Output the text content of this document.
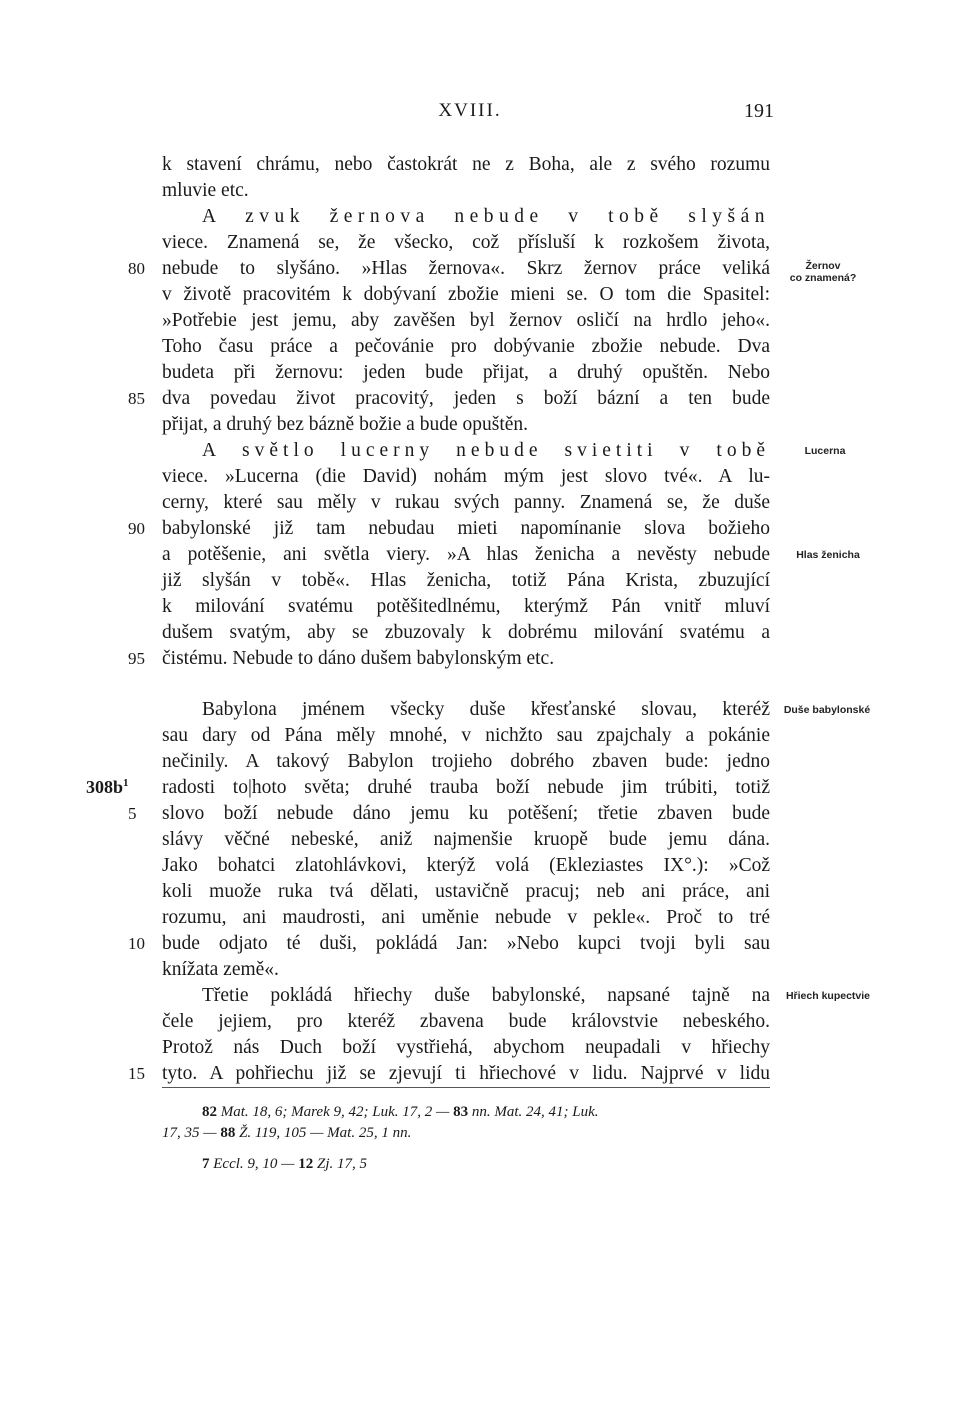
XVIII.	191
k stavení chrámu, nebo častokrát ne z Boha, ale z svého rozumu
mluvie etc.
A zvuk žernova nebude v tobě slyšán
viece. Znamená se, že všecko, což přísluší k rozkošem života,
nebude to slyšáno. »Hlas žernova«. Skrz žernov práce veliká
v životě pracovitém k dobývaní zbožie mieni se. O tom die Spasitel:
»Potřebie jest jemu, aby zavěšen byl žernov osličí na hrdlo jeho«.
Toho času práce a pečovánie pro dobývanie zbožie nebude. Dva
budeta při žernovu: jeden bude přijat, a druhý opuštěn. Nebo
dva povedau život pracovitý, jeden s boží bázní a ten bude
přijat, a druhý bez bázně božie a bude opuštěn.
A světlo lucerny nebude svietiti v tobě
viece. »Lucerna (die David) nohám mým jest slovo tvé«. A lu-
cerny, které sau měly v rukau svých panny. Znamená se, že duše
babylonské již tam nebudau mieti napomínanie slova božieho
a potěšenie, ani světla viery. »A hlas ženicha a nevěsty nebude
již slyšán v tobě«. Hlas ženicha, totiž Pána Krista, zbuzující
k milování svatému potěšitedlnému, kterýmž Pán vnitř mluví
dušem svatým, aby se zbuzovaly k dobrému milování svatému a
čistému. Nebude to dáno dušem babylonským etc.
80
85
90
95
Babylona jménem všecky duše křesťanské slovau, kteréž
sau dary od Pána měly mnohé, v nichžto sau zpajchaly a pokánie
nečinily. A takový Babylon trojieho dobrého zbaven bude: jedno
radosti to|hoto světa; druhé trauba boží nebude jim trúbiti, totiž
slovo boží nebude dáno jemu ku potěšení; třetie zbaven bude
slávy věčné nebeské, aniž najmenšie kruopě bude jemu dána.
Jako bohatci zlatohlávkovi, kterýž volá (Ekleziastes IX°.): »Což
koli muože ruka tvá dělati, ustavičně pracuj; neb ani práce, ani
rozumu, ani maudrosti, ani uměnie nebude v pekle«. Proč to tré
bude odjato té duši, pokládá Jan: »Nebo kupci tvoji byli sau
knížata země«.
Třetie pokládá hřiechy duše babylonské, napsané tajně na
čele jejiem, pro kteréž zbavena bude královstvie nebeského.
Protož nás Duch boží vystřiehá, abychom neupadali v hřiechy
tyto. A pohřiechu již se zjevují ti hřiechové v lidu. Najprvé v lidu
5
10
15
$308b^1$
Žernov
co znamená?
Lucerna
Hlas ženicha
Duše babylonské
Hřiech kupectvie
82 Mat. 18, 6; Marek 9, 42; Luk. 17, 2 — 83 nn. Mat. 24, 41; Luk.
17, 35 — 88 Ž. 119, 105 — Mat. 25, 1 nn.
7 Eccl. 9, 10 — 12 Zj. 17, 5
